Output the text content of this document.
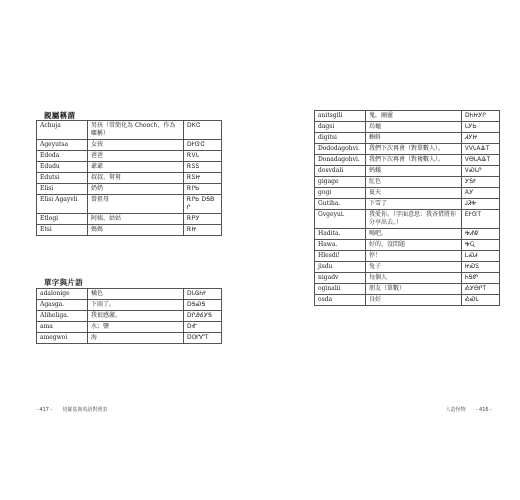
親屬稱謂
Achuja	男孩（常簡化為 Chooch，作為暱稱）	DᏦᏣ
Ageyutsa	女孩	DᎨᏳᏣ
Edoda	爸爸	ᎡᏙᏓ
Edudu	爺爺	ᎡᏚᏚ
Edutsi	叔叔、舅舅	ᎡᏚᏥ
Elisi	奶奶	ᎡᎵᏏ
Elisi Agayvli	曾祖母	ᎡᎵᏏ DᎦᏴᎵ
Etlogi	阿姨、姑姑	ᎡᏢᎩ
Etsi	媽媽	ᎡᏥ
單字與片語
adalonige	橘色	DᏓᎶᏂᎨ
Agasga.	下雨了。	DᎦᏍᎦ
Aliheliga.	我很感激。	DᎵᎯᎴᎩᎦ
ama	水；鹽	DᎹ
amegwoi	海	DᎺᏉᎢ
- 417 -　　切羅基與英語對照表
anitsgili	鬼，幽靈	DᏂᏥᎩᎵ
dagsi	烏龜	ᏓᎩᏏ
digitsi	蝌蚪	ᏗᎩᏥ
Dododagohvi.	我們下次再會（對單數人）。	ᏙᏙᏓᎪᎲᎢ
Donadagohvi.	我們下次再會（對複數人）。	ᏙᎾᏓᎪᎲᎢ
dosvdali	蚂蟻	ᏙᏍᏓᎵ
gigage	紅色	ᎩᎦᎨ
gogi	夏天	ᎪᎩ
Gutiha.	下雪了	ᎫᏘᎭ
Gvgeyui.	我愛你。（字面意思：我吝惜將你分享出去。）	ᎬᎨᏳᎢ
Hadita.	喝吧。	ᎭᏗᏔ
Hawa.	好的，沒問題	ᎭᏩ
Hlesdi!	停！	ᏞᏍᏗ
jisdu	兔子	ᏥᏍᏚ
nigadv	每個人	ᏂᎦᏛ
oginalii	朋友（單數）	ᎣᎩᎾᎵᎢ
osda	良好	ᎣᏍᏓ
人造怪物　　- 416 -
